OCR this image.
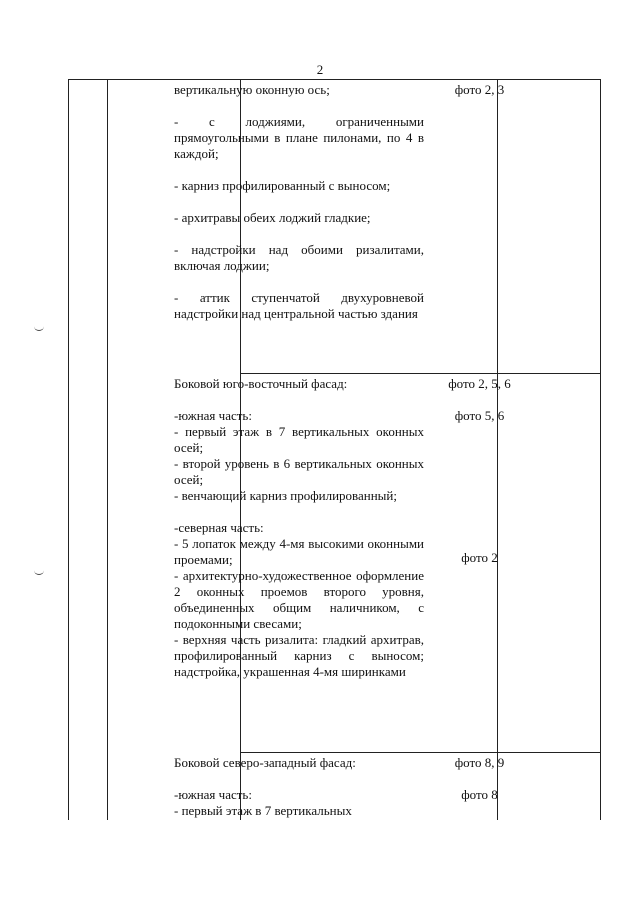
2

вертикальную оконную ось;

- с лоджиями, ограниченными прямоугольными в плане пилонами, по 4 в каждой;

- карниз профилированный с выносом;

- архитравы обеих лоджий гладкие;

- надстройки над обоими ризалитами, включая лоджии;

- аттик ступенчатой двухуровневой надстройки над центральной частью здания

фото 2, 3

Боковой юго-восточный фасад:

-южная часть:

- первый этаж в 7 вертикальных оконных осей;

- второй уровень в 6 вертикальных оконных осей;

- венчающий карниз профилированный;

-северная часть:

- 5 лопаток между 4-мя высокими оконными проемами;

- архитектурно-художественное оформление 2 оконных проемов второго уровня, объединенных общим наличником, с подоконными свесами;

- верхняя часть ризалита: гладкий архитрав, профилированный карниз с выносом; надстройка, украшенная 4-мя ширинками

фото 2, 5, 6
фото 5, 6
фото 2

Боковой северо-западный фасад:

-южная часть:

- первый этаж в 7 вертикальных

фото 8, 9
фото 8
